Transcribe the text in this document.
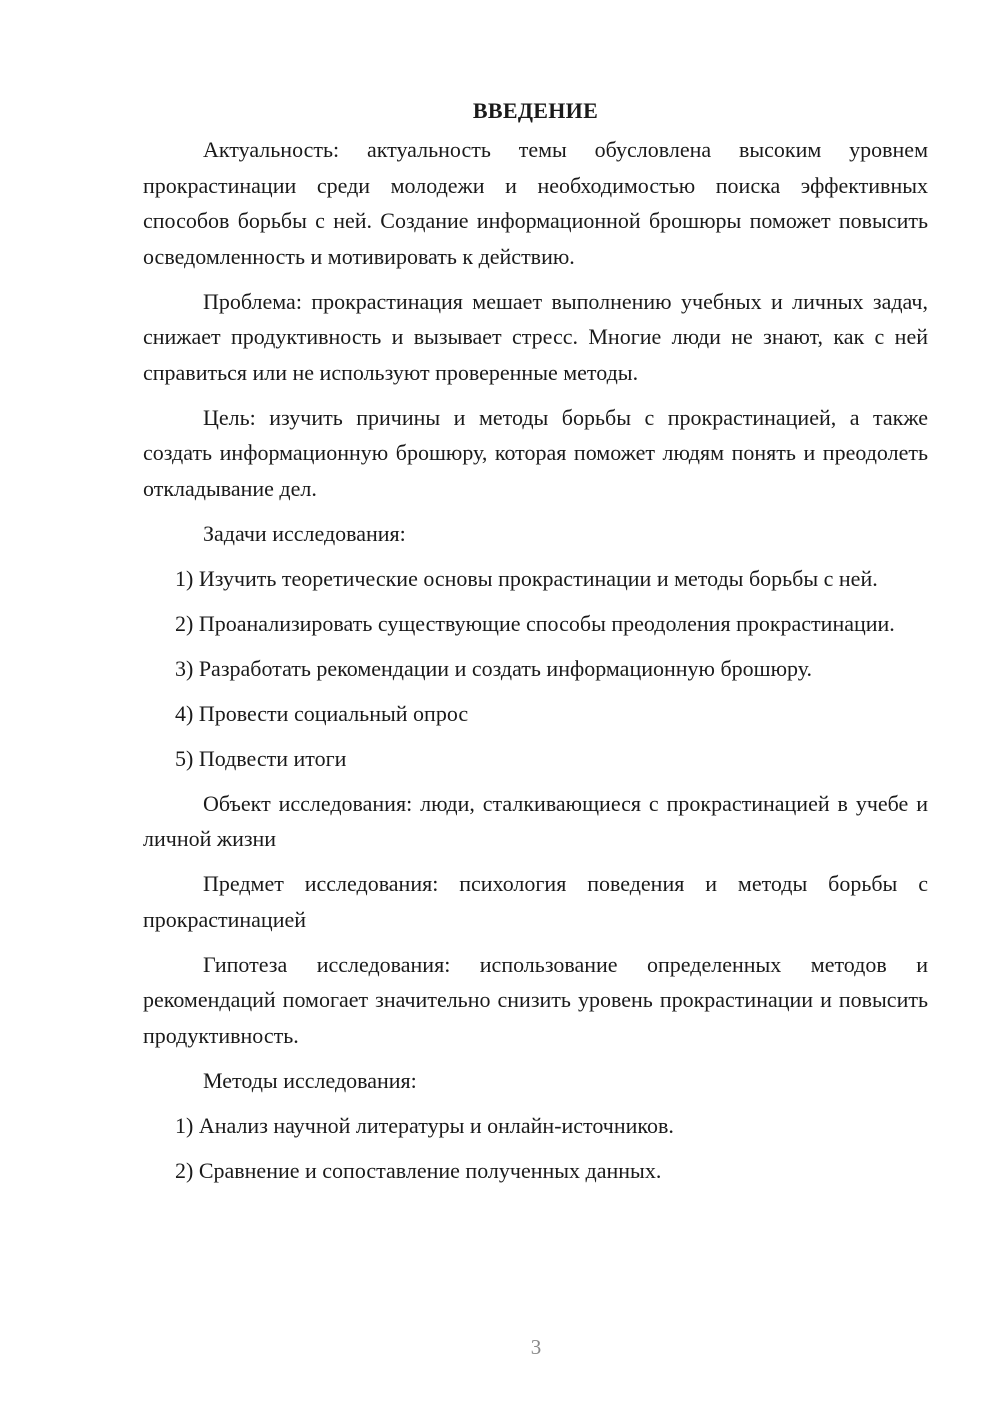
ВВЕДЕНИЕ

Актуальность: актуальность темы обусловлена высоким уровнем прокрастинации среди молодежи и необходимостью поиска эффективных способов борьбы с ней. Создание информационной брошюры поможет повысить осведомленность и мотивировать к действию.

Проблема: прокрастинация мешает выполнению учебных и личных задач, снижает продуктивность и вызывает стресс. Многие люди не знают, как с ней справиться или не используют проверенные методы.

Цель: изучить причины и методы борьбы с прокрастинацией, а также создать информационную брошюру, которая поможет людям понять и преодолеть откладывание дел.

Задачи исследования:

1) Изучить теоретические основы прокрастинации и методы борьбы с ней.

2) Проанализировать существующие способы преодоления прокрастинации.

3) Разработать рекомендации и создать информационную брошюру.

4) Провести социальный опрос

5) Подвести итоги

Объект исследования: люди, сталкивающиеся с прокрастинацией в учебе и личной жизни

Предмет исследования: психология поведения и методы борьбы с прокрастинацией

Гипотеза исследования: использование определенных методов и рекомендаций помогает значительно снизить уровень прокрастинации и повысить продуктивность.

Методы исследования:

1) Анализ научной литературы и онлайн-источников.

2) Сравнение и сопоставление полученных данных.

3
